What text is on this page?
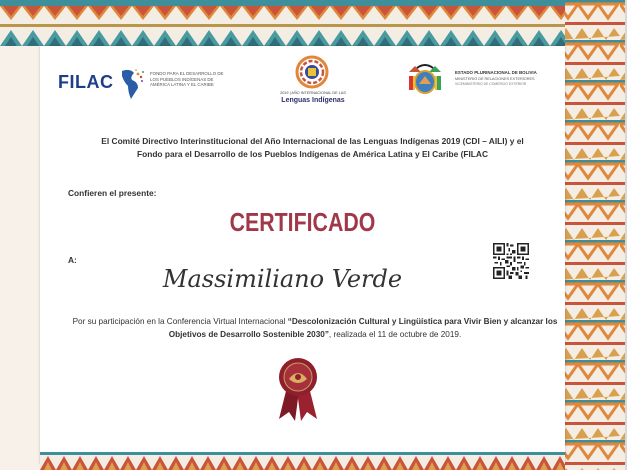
FILAC	FONDO PARA EL DESARROLLO DE LOS PUEBLOS INDÍGENAS DE AMÉRICA LATINA Y EL CARIBE
2019 | AÑO INTERNACIONAL DE LAS
Lenguas Indígenas
ESTADO PLURINACIONAL DE BOLIVIA
MINISTERIO DE RELACIONES EXTERIORES
VICEMINISTERIO DE COMERCIO EXTERIOR
El Comité Directivo Interinstitucional del Año Internacional de las Lenguas Indígenas 2019 (CDI – AILI) y el
Fondo para el Desarrollo de los Pueblos Indígenas de América Latina y El Caribe (FILAC
Confieren el presente:
CERTIFICADO
A:
Massimiliano Verde
Por su participación en la Conferencia Virtual Internacional “Descolonización Cultural y Lingüística para Vivir Bien y alcanzar los Objetivos de Desarrollo Sostenible 2030”, realizada el 11 de octubre de 2019.
